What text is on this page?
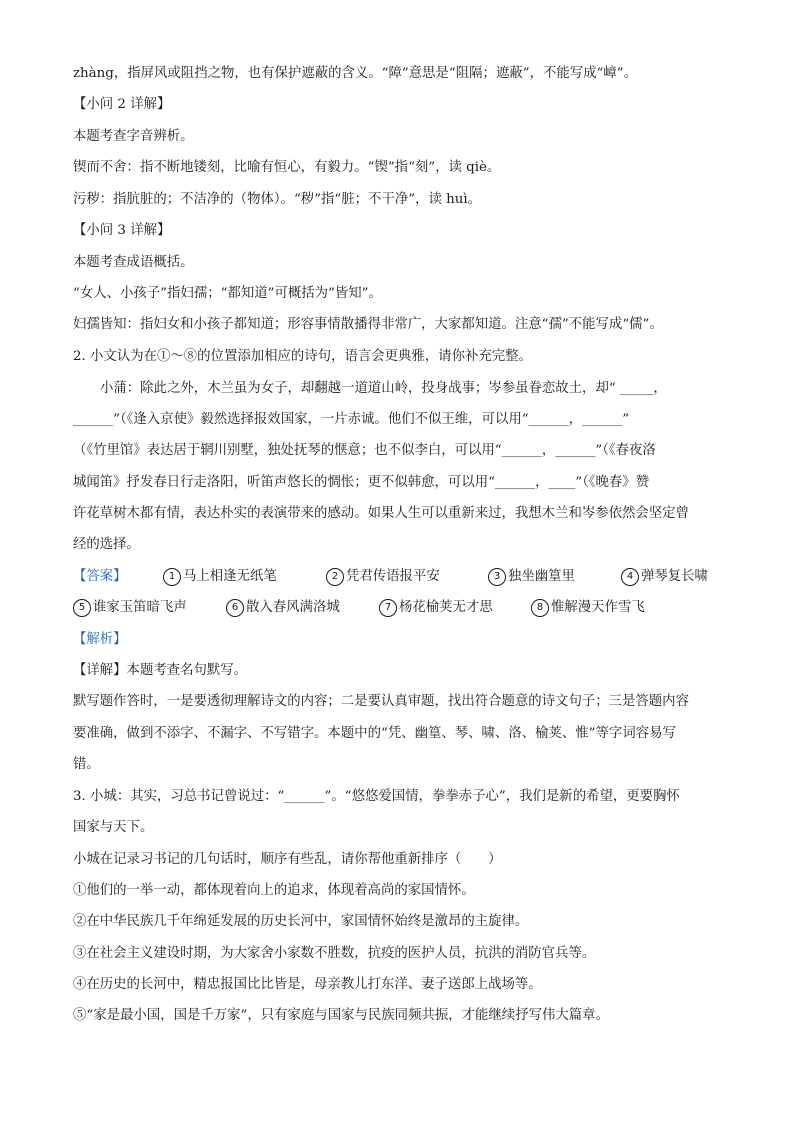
zhàng，指屏风或阻挡之物，也有保护遮蔽的含义。“障”意思是“阻隔；遮蔽”，不能写成“嶂”。
【小问 2 详解】
本题考查字音辨析。
锲而不舍：指不断地镂刻，比喻有恒心，有毅力。“锲”指“刻”，读 qiè。
污秽：指肮脏的；不洁净的（物体）。“秽”指“脏；不干净”，读 huì。
【小问 3 详解】
本题考查成语概括。
“女人、小孩子”指妇孺；“都知道”可概括为“皆知”。
妇孺皆知：指妇女和小孩子都知道；形容事情散播得非常广，大家都知道。注意“孺”不能写成“儒”。
2. 小文认为在①～⑧的位置添加相应的诗句，语言会更典雅，请你补充完整。
小蒲：除此之外，木兰虽为女子，却翻越一道道山岭，投身战事；岑参虽眷恋故土，却“ _____，
______”（《逢入京使》毅然选择报效国家，一片赤诚。他们不似王维，可以用“______，______”
（《竹里馆》表达居于辋川别墅，独处抚琴的惬意；也不似李白，可以用“______，______”（《春夜洛
城闻笛》抒发春日行走洛阳，听笛声悠长的惆怅；更不似韩愈，可以用“______，____”（《晚春》赞
许花草树木都有情，表达朴实的表演带来的感动。如果人生可以重新来过，我想木兰和岑参依然会坚定曾
经的选择。
【答案】	1 马上相逢无纸笔	2 凭君传语报平安	3 独坐幽篁里	4 弹琴复长啸
5 谁家玉笛暗飞声	6 散入春风满洛城	7 杨花榆荚无才思	8 惟解漫天作雪飞
【解析】
【详解】本题考查名句默写。
默写题作答时，一是要透彻理解诗文的内容；二是要认真审题，找出符合题意的诗文句子；三是答题内容
要准确，做到不添字、不漏字、不写错字。本题中的“凭、幽篁、琴、啸、洛、榆荚、惟”等字词容易写
错。
3. 小城：其实，习总书记曾说过：“______”。“悠悠爱国情，拳拳赤子心”，我们是新的希望，更要胸怀
国家与天下。
小城在记录习书记的几句话时，顺序有些乱，请你帮他重新排序（　　）
①他们的一举一动，都体现着向上的追求，体现着高尚的家国情怀。
②在中华民族几千年绵延发展的历史长河中，家国情怀始终是激昂的主旋律。
③在社会主义建设时期，为大家舍小家数不胜数，抗疫的医护人员，抗洪的消防官兵等。
④在历史的长河中，精忠报国比比皆是，母亲教儿打东洋、妻子送郎上战场等。
⑤“家是最小国，国是千万家”，只有家庭与国家与民族同频共振，才能继续抒写伟大篇章。
